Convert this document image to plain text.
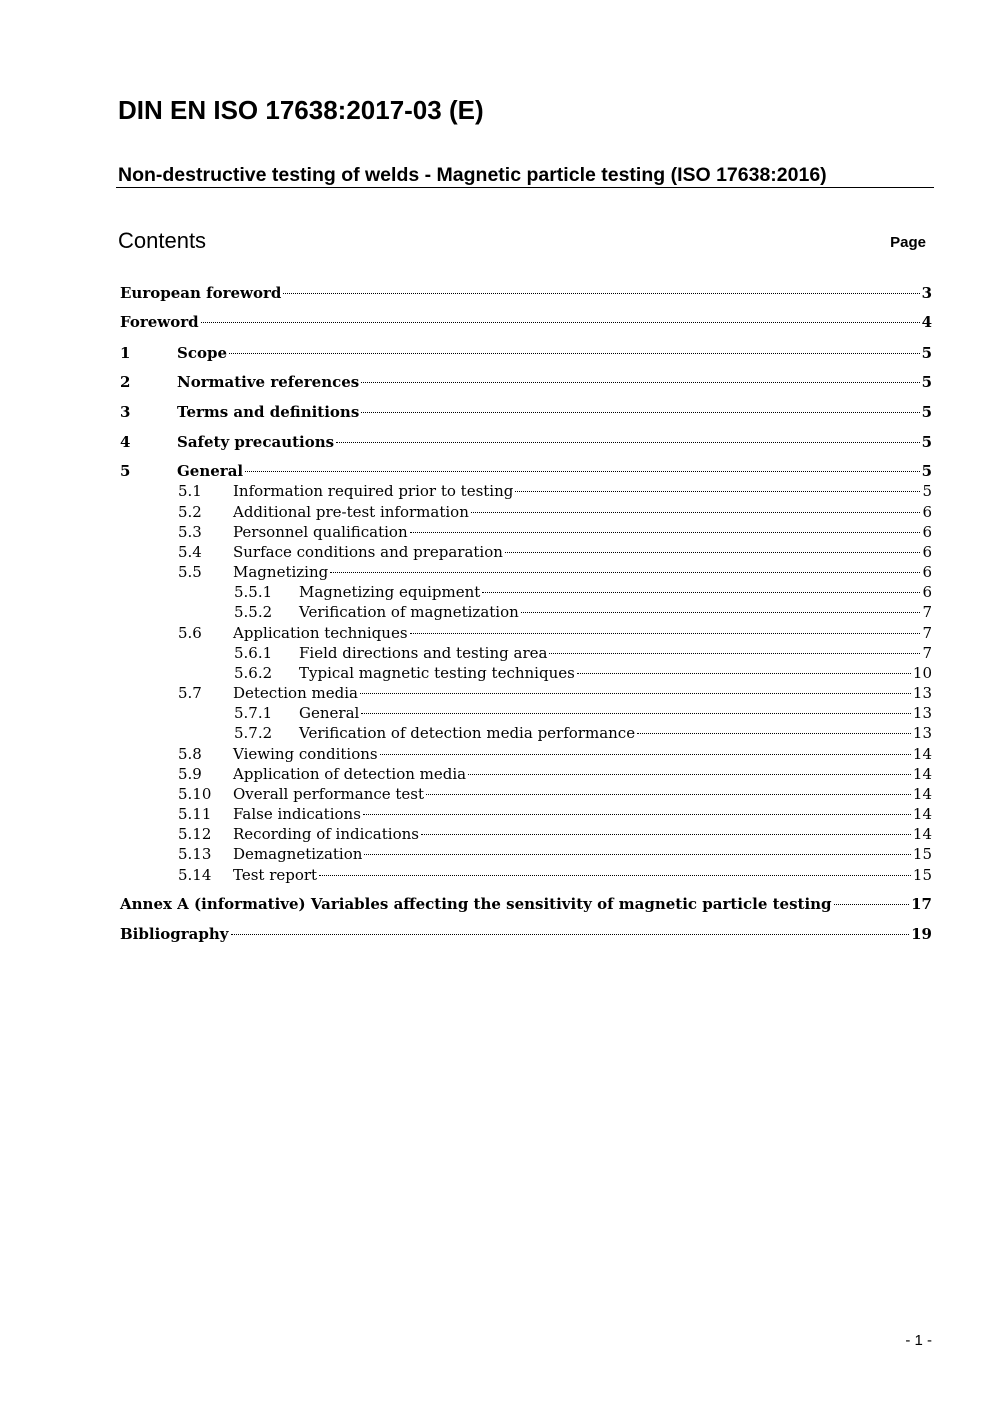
DIN EN ISO 17638:2017-03 (E)
Non-destructive testing of welds - Magnetic particle testing (ISO 17638:2016)
Contents	Page
European foreword	3
Foreword	4
1	Scope	5
2	Normative references	5
3	Terms and definitions	5
4	Safety precautions	5
5	General	5
5.1 Information required prior to testing	5
5.2 Additional pre-test information	6
5.3 Personnel qualification	6
5.4 Surface conditions and preparation	6
5.5 Magnetizing	6
5.5.1 Magnetizing equipment	6
5.5.2 Verification of magnetization	7
5.6 Application techniques	7
5.6.1 Field directions and testing area	7
5.6.2 Typical magnetic testing techniques	10
5.7 Detection media	13
5.7.1 General	13
5.7.2 Verification of detection media performance	13
5.8 Viewing conditions	14
5.9 Application of detection media	14
5.10 Overall performance test	14
5.11 False indications	14
5.12 Recording of indications	14
5.13 Demagnetization	15
5.14 Test report	15
Annex A (informative) Variables affecting the sensitivity of magnetic particle testing	17
Bibliography	19
- 1 -
